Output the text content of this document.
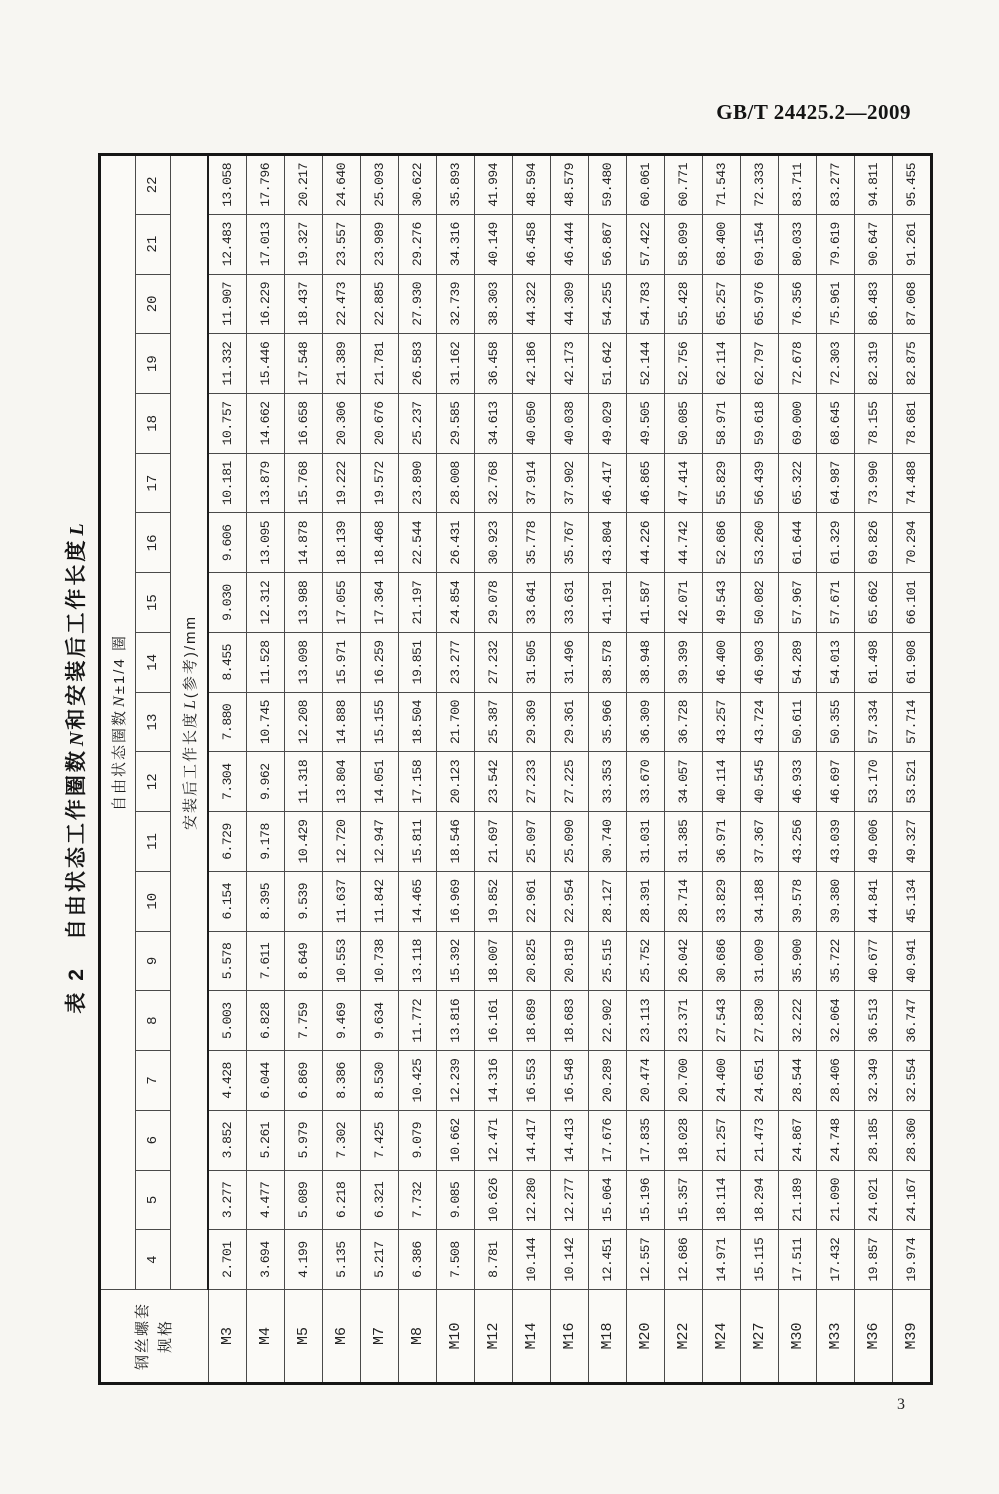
GB/T 24425.2—2009
表 2自由状态工作圈数N和安装后工作长度L
钢丝螺套 规格	自由状态圈数N±1/4 圈																		
	4	5	6	7	8	9	10	11	12	13	14	15	16	17	18	19	20	21	22
	安装后工作长度L(参考)/mm																		
M3	2.701	3.277	3.852	4.428	5.003	5.578	6.154	6.729	7.304	7.880	8.455	9.030	9.606	10.181	10.757	11.332	11.907	12.483	13.058
M4	3.694	4.477	5.261	6.044	6.828	7.611	8.395	9.178	9.962	10.745	11.528	12.312	13.095	13.879	14.662	15.446	16.229	17.013	17.796
M5	4.199	5.089	5.979	6.869	7.759	8.649	9.539	10.429	11.318	12.208	13.098	13.988	14.878	15.768	16.658	17.548	18.437	19.327	20.217
M6	5.135	6.218	7.302	8.386	9.469	10.553	11.637	12.720	13.804	14.888	15.971	17.055	18.139	19.222	20.306	21.389	22.473	23.557	24.640
M7	5.217	6.321	7.425	8.530	9.634	10.738	11.842	12.947	14.051	15.155	16.259	17.364	18.468	19.572	20.676	21.781	22.885	23.989	25.093
M8	6.386	7.732	9.079	10.425	11.772	13.118	14.465	15.811	17.158	18.504	19.851	21.197	22.544	23.890	25.237	26.583	27.930	29.276	30.622
M10	7.508	9.085	10.662	12.239	13.816	15.392	16.969	18.546	20.123	21.700	23.277	24.854	26.431	28.008	29.585	31.162	32.739	34.316	35.893
M12	8.781	10.626	12.471	14.316	16.161	18.007	19.852	21.697	23.542	25.387	27.232	29.078	30.923	32.768	34.613	36.458	38.303	40.149	41.994
M14	10.144	12.280	14.417	16.553	18.689	20.825	22.961	25.097	27.233	29.369	31.505	33.641	35.778	37.914	40.050	42.186	44.322	46.458	48.594
M16	10.142	12.277	14.413	16.548	18.683	20.819	22.954	25.090	27.225	29.361	31.496	33.631	35.767	37.902	40.038	42.173	44.309	46.444	48.579
M18	12.451	15.064	17.676	20.289	22.902	25.515	28.127	30.740	33.353	35.966	38.578	41.191	43.804	46.417	49.029	51.642	54.255	56.867	59.480
M20	12.557	15.196	17.835	20.474	23.113	25.752	28.391	31.031	33.670	36.309	38.948	41.587	44.226	46.865	49.505	52.144	54.783	57.422	60.061
M22	12.686	15.357	18.028	20.700	23.371	26.042	28.714	31.385	34.057	36.728	39.399	42.071	44.742	47.414	50.085	52.756	55.428	58.099	60.771
M24	14.971	18.114	21.257	24.400	27.543	30.686	33.829	36.971	40.114	43.257	46.400	49.543	52.686	55.829	58.971	62.114	65.257	68.400	71.543
M27	15.115	18.294	21.473	24.651	27.830	31.009	34.188	37.367	40.545	43.724	46.903	50.082	53.260	56.439	59.618	62.797	65.976	69.154	72.333
M30	17.511	21.189	24.867	28.544	32.222	35.900	39.578	43.256	46.933	50.611	54.289	57.967	61.644	65.322	69.000	72.678	76.356	80.033	83.711
M33	17.432	21.090	24.748	28.406	32.064	35.722	39.380	43.039	46.697	50.355	54.013	57.671	61.329	64.987	68.645	72.303	75.961	79.619	83.277
M36	19.857	24.021	28.185	32.349	36.513	40.677	44.841	49.006	53.170	57.334	61.498	65.662	69.826	73.990	78.155	82.319	86.483	90.647	94.811
M39	19.974	24.167	28.360	32.554	36.747	40.941	45.134	49.327	53.521	57.714	61.908	66.101	70.294	74.488	78.681	82.875	87.068	91.261	95.455
3
